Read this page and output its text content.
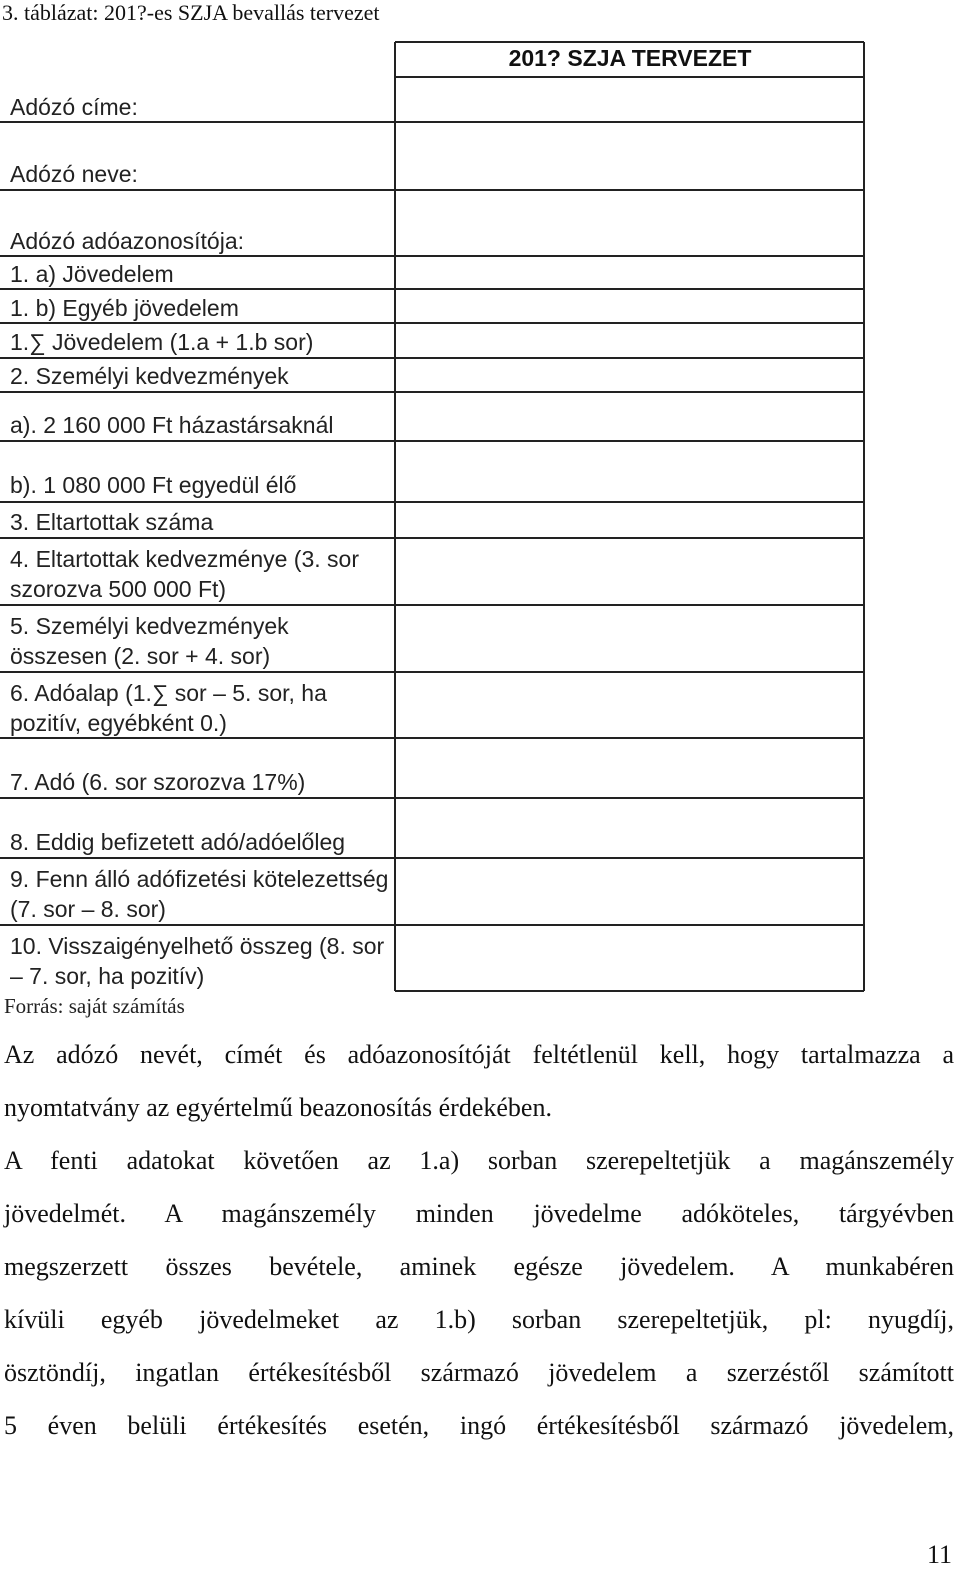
3. táblázat: 201?-es SZJA bevallás tervezet
201? SZJA TERVEZET
Adózó címe:
Adózó neve:
Adózó adóazonosítója:
1. a) Jövedelem
1. b) Egyéb jövedelem
1.∑ Jövedelem (1.a + 1.b sor)
2. Személyi kedvezmények
a). 2 160 000 Ft házastársaknál
b). 1 080 000 Ft egyedül élő
3. Eltartottak száma
4. Eltartottak kedvezménye (3. sor szorozva 500 000 Ft)
5. Személyi kedvezmények összesen (2. sor + 4. sor)
6. Adóalap (1.∑ sor – 5. sor, ha pozitív, egyébként 0.)
7. Adó (6. sor szorozva 17%)
8. Eddig befizetett adó/adóelőleg
9. Fenn álló adófizetési kötelezettség (7. sor – 8. sor)
10. Visszaigényelhető összeg (8. sor – 7. sor, ha pozitív)
Forrás: saját számítás
Az adózó nevét, címét és adóazonosítóját feltétlenül kell, hogy tartalmazza a
nyomtatvány az egyértelmű beazonosítás érdekében.
A fenti adatokat követően az 1.a) sorban szerepeltetjük a magánszemély
jövedelmét. A magánszemély minden jövedelme adóköteles, tárgyévben
megszerzett összes bevétele, aminek egésze jövedelem. A munkabéren
kívüli egyéb jövedelmeket az 1.b) sorban szerepeltetjük, pl: nyugdíj,
ösztöndíj, ingatlan értékesítésből származó jövedelem a szerzéstől számított
5 éven belüli értékesítés esetén, ingó értékesítésből származó jövedelem,
11
